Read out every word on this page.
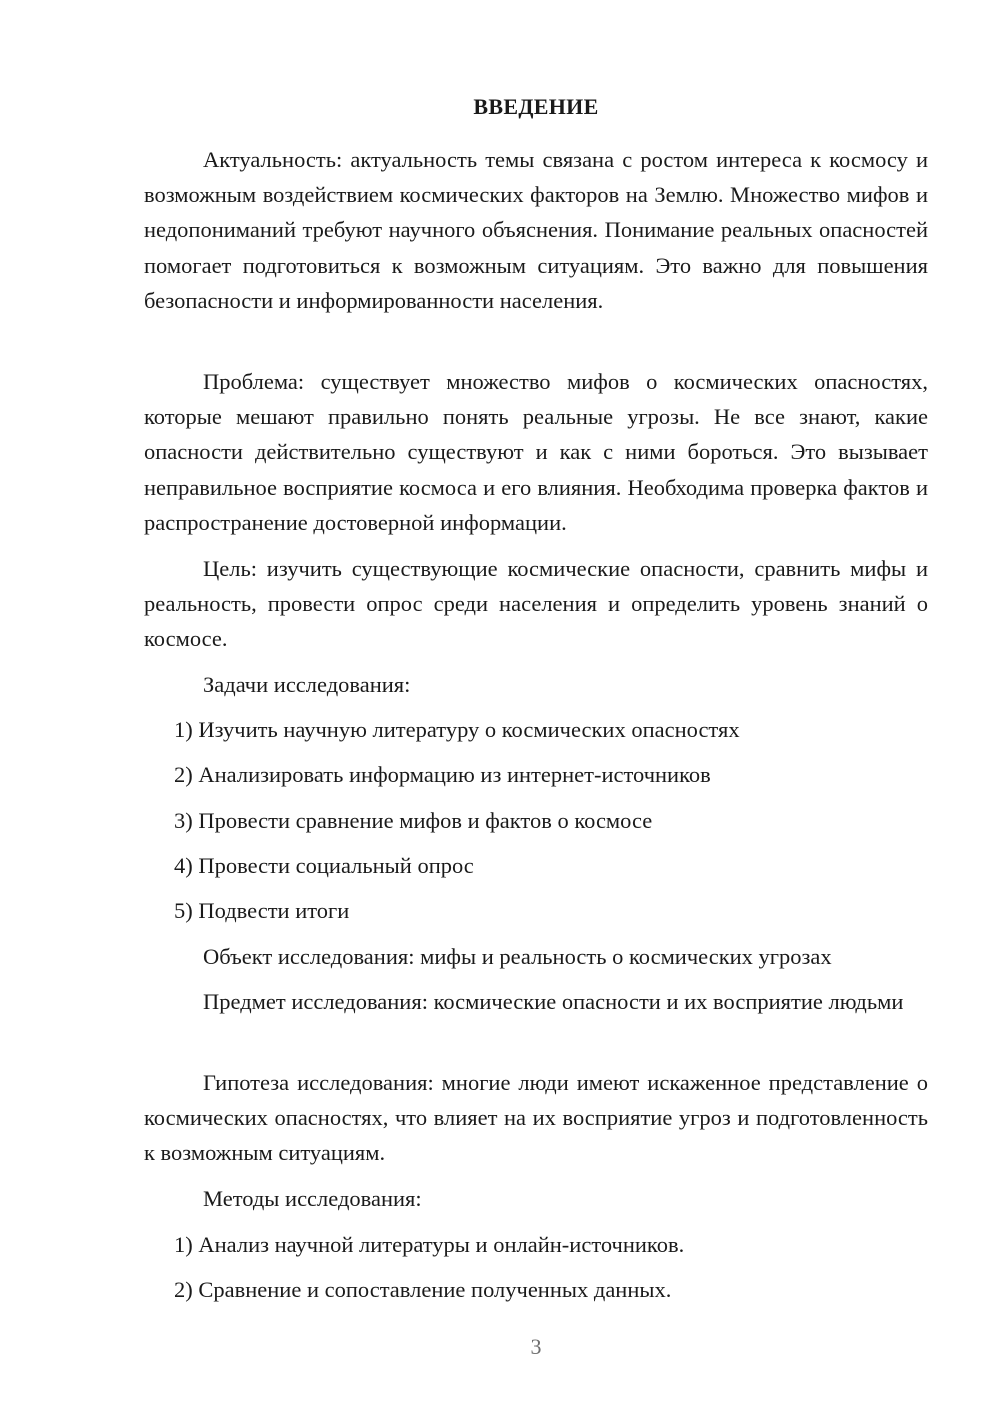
ВВЕДЕНИЕ

Актуальность: актуальность темы связана с ростом интереса к космосу и возможным воздействием космических факторов на Землю. Множество мифов и недопониманий требуют научного объяснения. Понимание реальных опасностей помогает подготовиться к возможным ситуациям. Это важно для повышения безопасности и информированности населения.

Проблема: существует множество мифов о космических опасностях, которые мешают правильно понять реальные угрозы. Не все знают, какие опасности действительно существуют и как с ними бороться. Это вызывает неправильное восприятие космоса и его влияния. Необходима проверка фактов и распространение достоверной информации.

Цель: изучить существующие космические опасности, сравнить мифы и реальность, провести опрос среди населения и определить уровень знаний о космосе.

Задачи исследования:

1) Изучить научную литературу о космических опасностях
2) Анализировать информацию из интернет-источников
3) Провести сравнение мифов и фактов о космосе
4) Провести социальный опрос
5) Подвести итоги

Объект исследования: мифы и реальность о космических угрозах

Предмет исследования: космические опасности и их восприятие людьми

Гипотеза исследования: многие люди имеют искаженное представление о космических опасностях, что влияет на их восприятие угроз и подготовленность к возможным ситуациям.

Методы исследования:

1) Анализ научной литературы и онлайн-источников.
2) Сравнение и сопоставление полученных данных.
3
